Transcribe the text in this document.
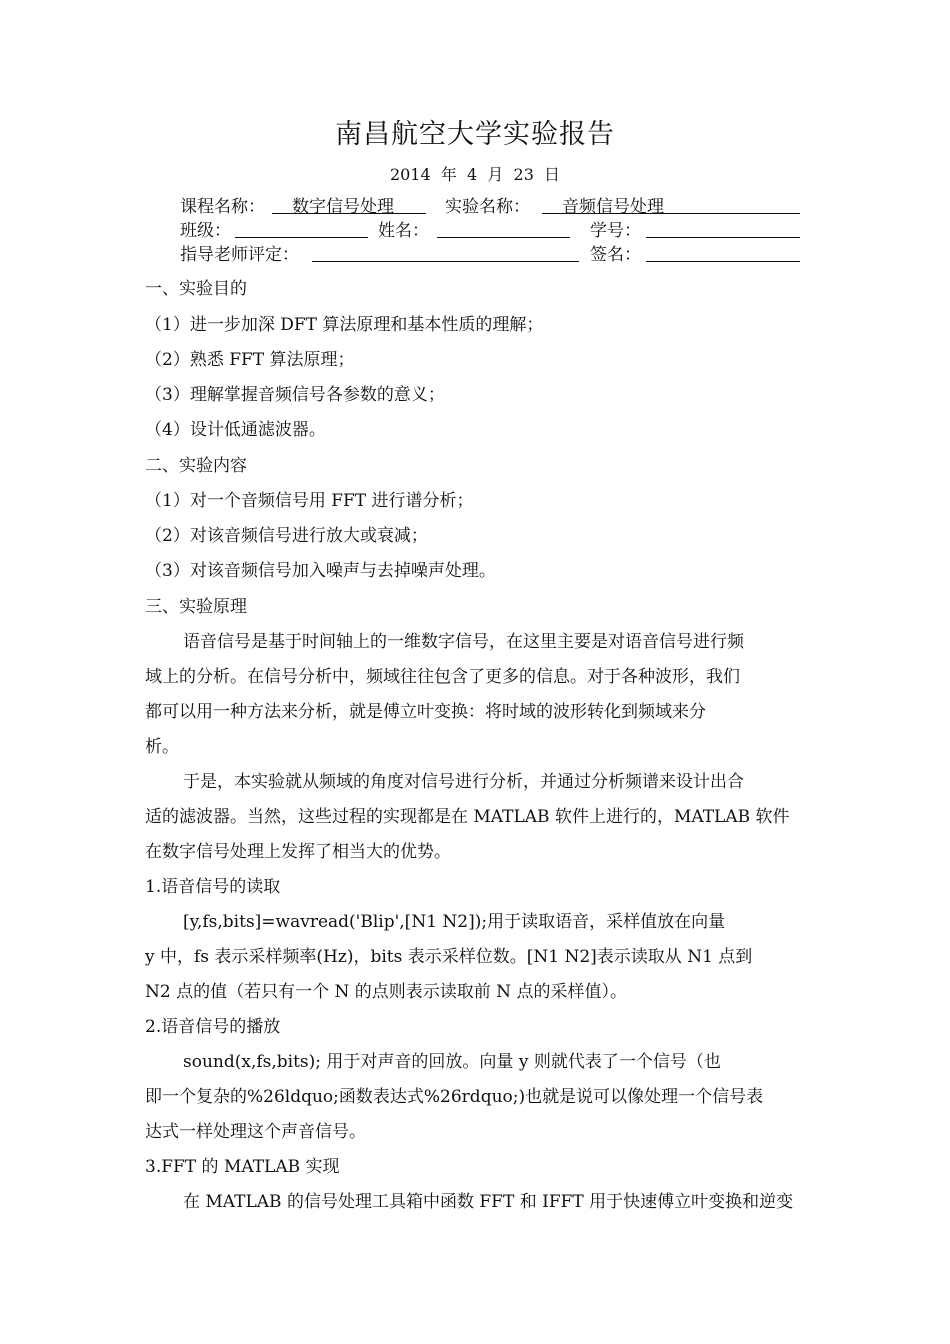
南昌航空大学实验报告
2014  年  4  月  23  日
课程名称： 数字信号处理	实验名称： 音频信号处理
班级：	姓名：	学号：
指导老师评定：	签名：
一、实验目的
（1）进一步加深 DFT 算法原理和基本性质的理解；
（2）熟悉 FFT 算法原理；
（3）理解掌握音频信号各参数的意义；
（4）设计低通滤波器。
二、实验内容
（1）对一个音频信号用 FFT 进行谱分析；
（2）对该音频信号进行放大或衰减；
（3）对该音频信号加入噪声与去掉噪声处理。
三、实验原理
语音信号是基于时间轴上的一维数字信号，在这里主要是对语音信号进行频
域上的分析。在信号分析中，频域往往包含了更多的信息。对于各种波形，我们
都可以用一种方法来分析，就是傅立叶变换：将时域的波形转化到频域来分
析。
于是，本实验就从频域的角度对信号进行分析，并通过分析频谱来设计出合
适的滤波器。当然，这些过程的实现都是在 MATLAB 软件上进行的，MATLAB 软件
在数字信号处理上发挥了相当大的优势。
1.语音信号的读取
[y,fs,bits]=wavread('Blip',[N1 N2]);用于读取语音，采样值放在向量
y 中，fs 表示采样频率(Hz)，bits 表示采样位数。[N1 N2]表示读取从 N1 点到
N2 点的值（若只有一个 N 的点则表示读取前 N 点的采样值）。
2.语音信号的播放
sound(x,fs,bits); 用于对声音的回放。向量 y 则就代表了一个信号（也
即一个复杂的%26ldquo;函数表达式%26rdquo;)也就是说可以像处理一个信号表
达式一样处理这个声音信号。
3.FFT 的 MATLAB 实现
在 MATLAB 的信号处理工具箱中函数 FFT 和 IFFT 用于快速傅立叶变换和逆变
